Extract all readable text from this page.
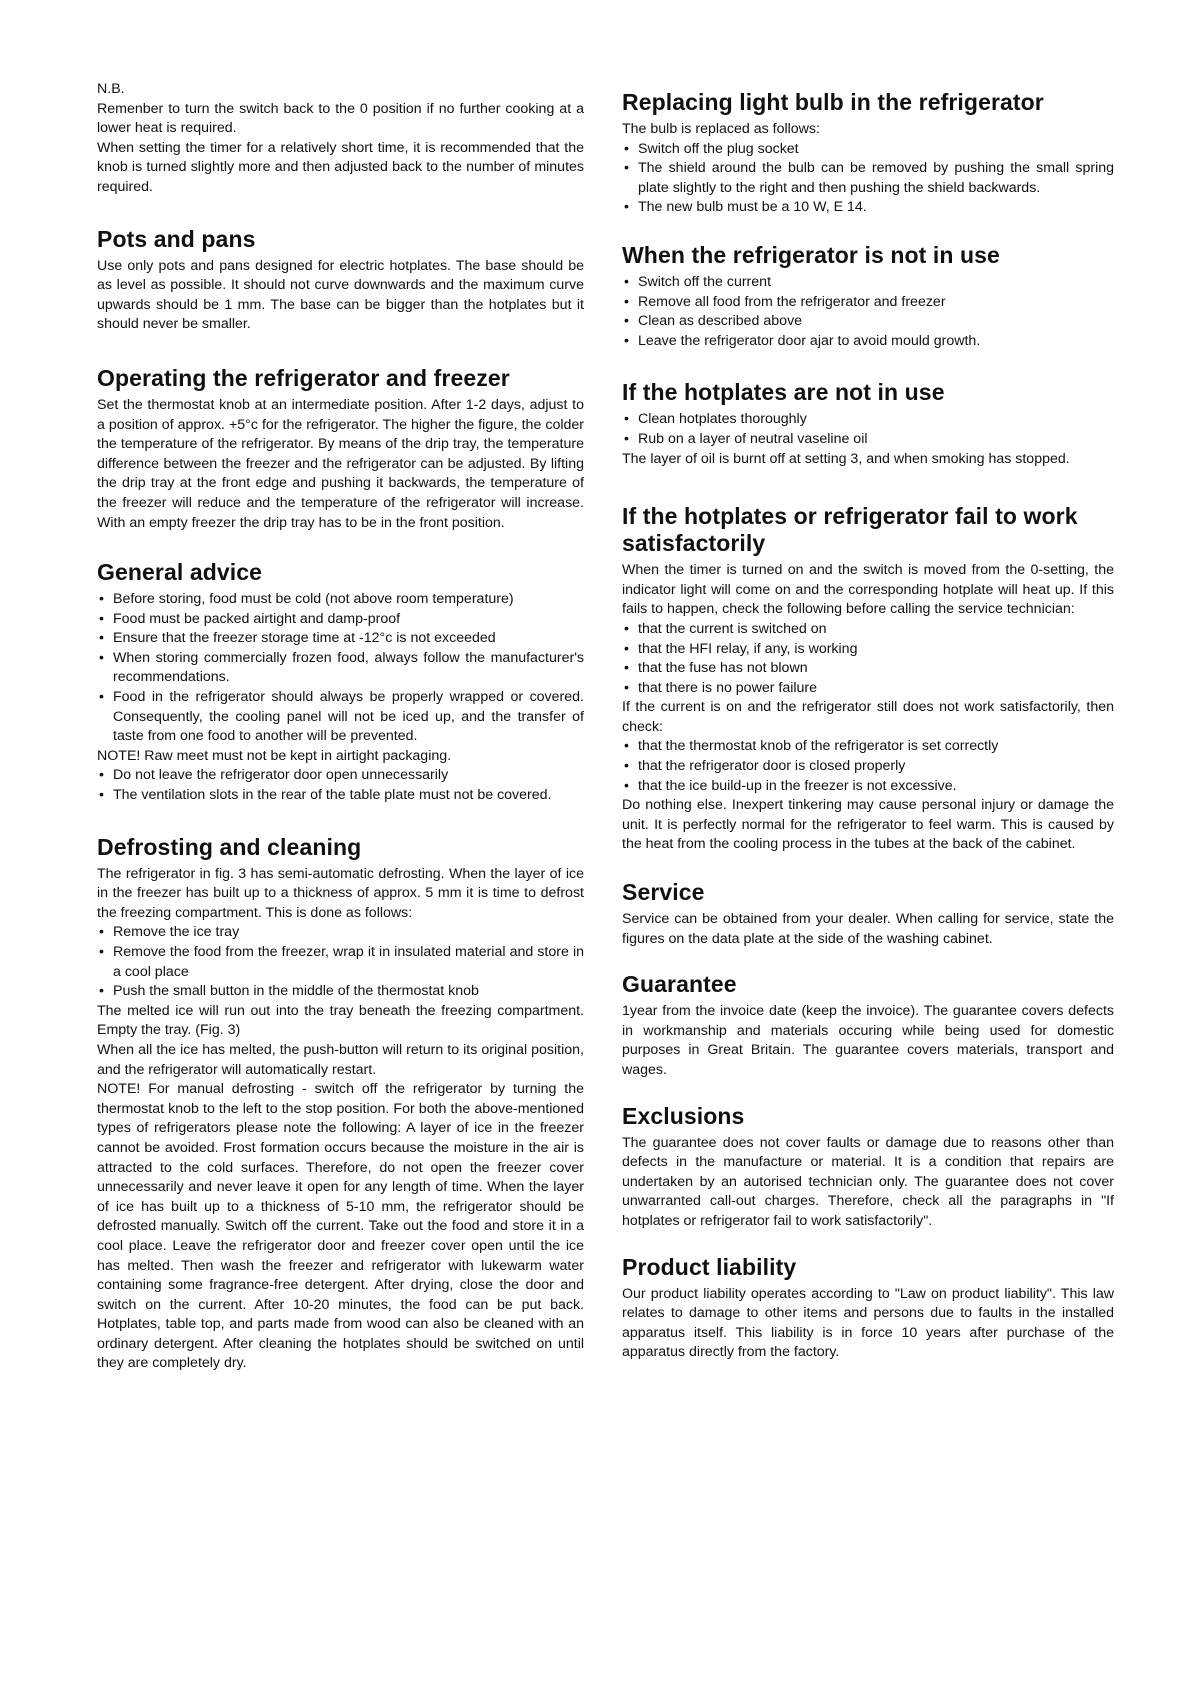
N.B.

Remenber to turn the switch back to the 0 position if no further cooking at a lower heat is required.

When setting the timer for a relatively short time, it is recommended that the knob is turned slightly more and then adjusted back to the number of minutes required.

Pots and pans

Use only pots and pans designed for electric hotplates. The base should be as level as possible. It should not curve downwards and the maximum curve upwards should be 1 mm. The base can be bigger than the hotplates but it should never be smaller.

Operating the refrigerator and freezer

Set the thermostat knob at an intermediate position. After 1-2 days, adjust to a position of approx. +5°c for the refrigerator. The higher the figure, the colder the temperature of the refrigerator. By means of the drip tray, the temperature difference between the freezer and the refrigerator can be adjusted. By lifting the drip tray at the front edge and pushing it backwards, the temperature of the freezer will reduce and the temperature of the refrigerator will increase. With an empty freezer the drip tray has to be in the front position.

General advice
• Before storing, food must be cold (not above room temperature)
• Food must be packed airtight and damp-proof
• Ensure that the freezer storage time at -12°c is not exceeded
• When storing commercially frozen food, always follow the manufacturer's recommendations.
• Food in the refrigerator should always be properly wrapped or covered. Consequently, the cooling panel will not be iced up, and the transfer of taste from one food to another will be prevented.

NOTE! Raw meet must not be kept in airtight packaging.

• Do not leave the refrigerator door open unnecessarily
• The ventilation slots in the rear of the table plate must not be covered.
Defrosting and cleaning

The refrigerator in fig. 3 has semi-automatic defrosting. When the layer of ice in the freezer has built up to a thickness of approx. 5 mm it is time to defrost the freezing compartment. This is done as follows:

• Remove the ice tray
• Remove the food from the freezer, wrap it in insulated material and store in a cool place
• Push the small button in the middle of the thermostat knob

The melted ice will run out into the tray beneath the freezing compartment. Empty the tray. (Fig. 3)

When all the ice has melted, the push-button will return to its original position, and the refrigerator will automatically restart.

NOTE! For manual defrosting - switch off the refrigerator by turning the thermostat knob to the left to the stop position. For both the above-mentioned types of refrigerators please note the following: A layer of ice in the freezer cannot be avoided. Frost formation occurs because the moisture in the air is attracted to the cold surfaces. Therefore, do not open the freezer cover unnecessarily and never leave it open for any length of time. When the layer of ice has built up to a thickness of 5-10 mm, the refrigerator should be defrosted manually. Switch off the current. Take out the food and store it in a cool place. Leave the refrigerator door and freezer cover open until the ice has melted. Then wash the freezer and refrigerator with lukewarm water containing some fragrance-free detergent. After drying, close the door and switch on the current. After 10-20 minutes, the food can be put back. Hotplates, table top, and parts made from wood can also be cleaned with an ordinary detergent. After cleaning the hotplates should be switched on until they are completely dry.

Replacing light bulb in the refrigerator

The bulb is replaced as follows:

• Switch off the plug socket
• The shield around the bulb can be removed by pushing the small spring plate slightly to the right and then pushing the shield backwards.
• The new bulb must be a 10 W, E 14.
When the refrigerator is not in use
• Switch off the current
• Remove all food from the refrigerator and freezer
• Clean as described above
• Leave the refrigerator door ajar to avoid mould growth.
If the hotplates are not in use
• Clean hotplates thoroughly
• Rub on a layer of neutral vaseline oil

The layer of oil is burnt off at setting 3, and when smoking has stopped.

If the hotplates or refrigerator fail to work satisfactorily

When the timer is turned on and the switch is moved from the 0-setting, the indicator light will come on and the corresponding hotplate will heat up. If this fails to happen, check the following before calling the service technician:

• that the current is switched on
• that the HFI relay, if any, is working
• that the fuse has not blown
• that there is no power failure

If the current is on and the refrigerator still does not work satisfactorily, then check:

• that the thermostat knob of the refrigerator is set correctly
• that the refrigerator door is closed properly
• that the ice build-up in the freezer is not excessive.

Do nothing else. Inexpert tinkering may cause personal injury or damage the unit. It is perfectly normal for the refrigerator to feel warm. This is caused by the heat from the cooling process in the tubes at the back of the cabinet.

Service

Service can be obtained from your dealer. When calling for service, state the figures on the data plate at the side of the washing cabinet.

Guarantee

1year from the invoice date (keep the invoice). The guarantee covers defects in workmanship and materials occuring while being used for domestic purposes in Great Britain. The guarantee covers materials, transport and wages.

Exclusions

The guarantee does not cover faults or damage due to reasons other than defects in the manufacture or material. It is a condition that repairs are undertaken by an autorised technician only. The guarantee does not cover unwarranted call-out charges. Therefore, check all the paragraphs in "If hotplates or refrigerator fail to work satisfactorily".

Product liability

Our product liability operates according to "Law on product liability". This law relates to damage to other items and persons due to faults in the installed apparatus itself. This liability is in force 10 years after purchase of the apparatus directly from the factory.
